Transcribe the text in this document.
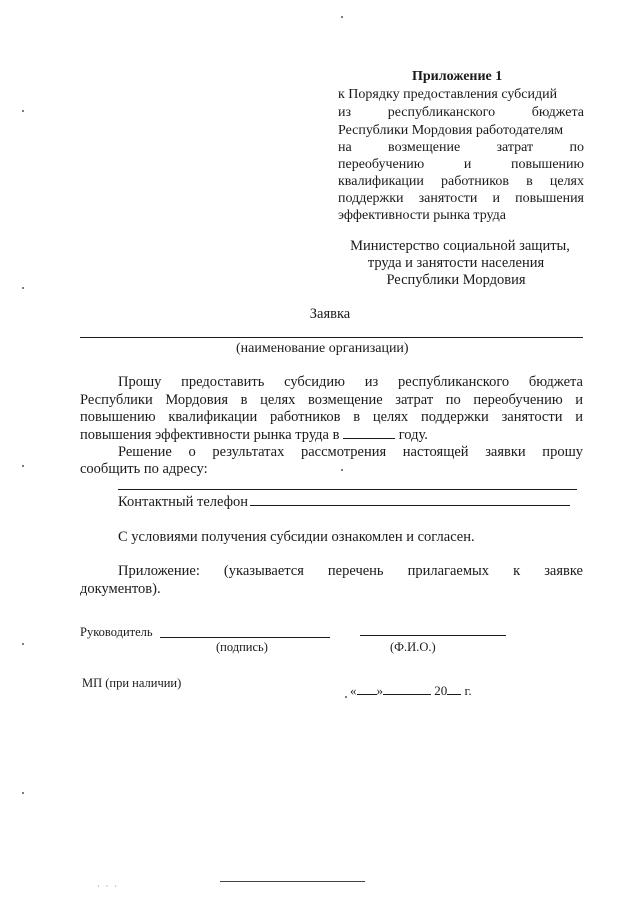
Приложение 1
к Порядку предоставления субсидий
из республиканского бюджета
Республики Мордовия работодателям
на возмещение затрат по
переобучению и повышению
квалификации работников в целях
поддержки занятости и повышения
эффективности рынка труда
Министерство социальной защиты,
труда и занятости населения
Республики Мордовия
Заявка
(наименование организации)
Прошу предоставить субсидию из республиканского бюджета
Республики Мордовия в целях возмещение затрат по переобучению и
повышению квалификации работников в целях поддержки занятости и
повышения эффективности рынка труда в	году.
Решение о результатах рассмотрения настоящей заявки прошу
сообщить по адресу:
Контактный телефон
С условиями получения субсидии ознакомлен и согласен.
Приложение: (указывается перечень прилагаемых к заявке
документов).
Руководитель
(подпись)	(Ф.И.О.)
МП (при наличии)	« »	20 г.
· · ·
